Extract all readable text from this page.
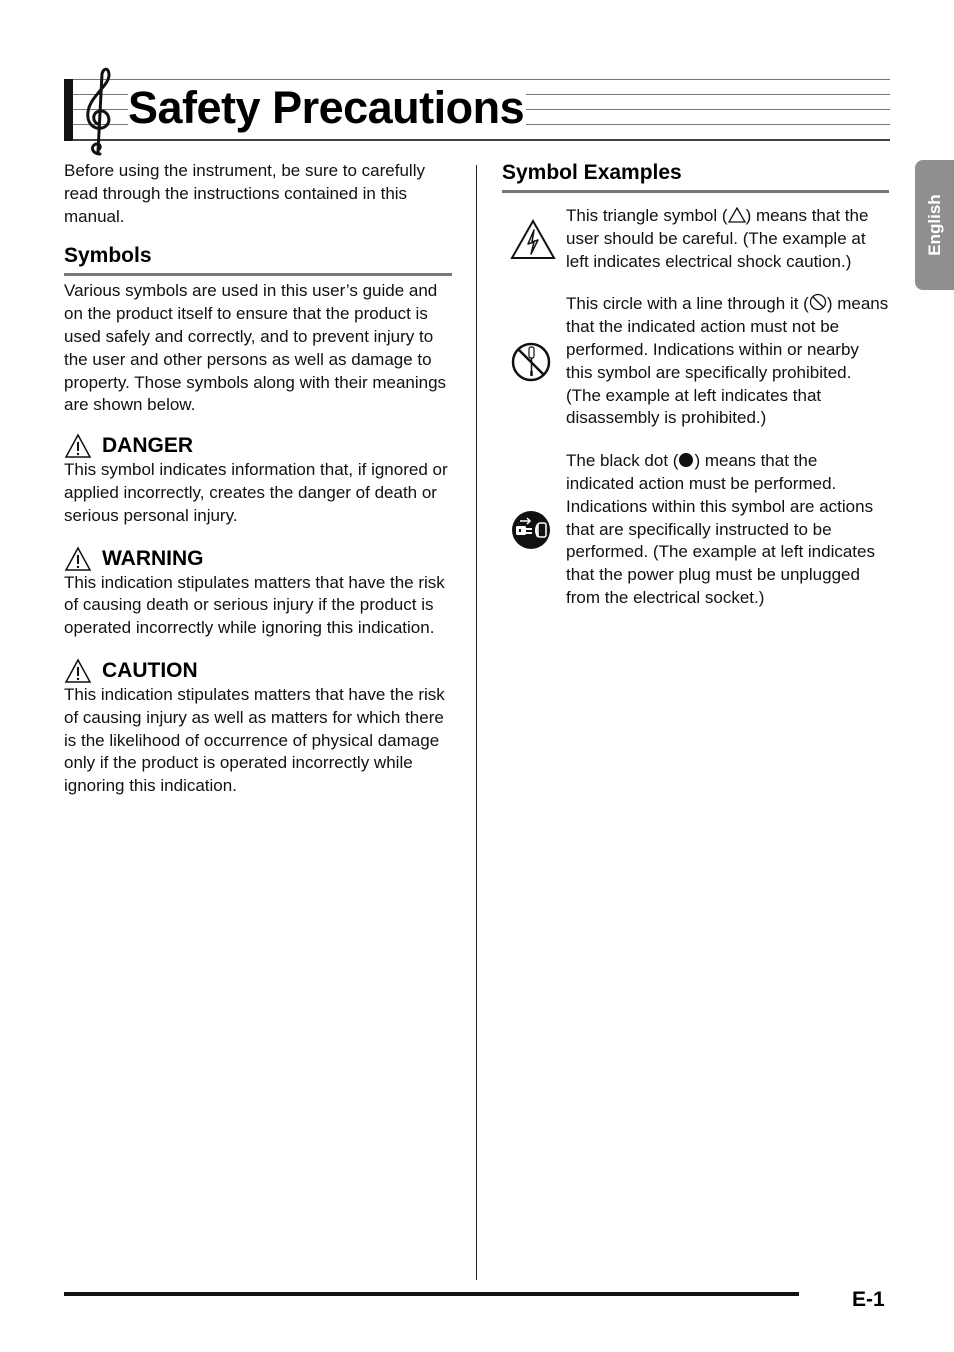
Safety Precautions

Before using the instrument, be sure to carefully read through the instructions contained in this manual.

Symbols

Various symbols are used in this user’s guide and on the product itself to ensure that the product is used safely and correctly, and to prevent injury to the user and other persons as well as damage to property. Those symbols along with their meanings are shown below.

DANGER

This symbol indicates information that, if ignored or applied incorrectly, creates the danger of death or serious personal injury.

WARNING

This indication stipulates matters that have the risk of causing death or serious injury if the product is operated incorrectly while ignoring this indication.

CAUTION

This indication stipulates matters that have the risk of causing injury as well as matters for which there is the likelihood of occurrence of physical damage only if the product is operated incorrectly while ignoring this indication.

Symbol Examples

This triangle symbol ( ) means that the user should be careful. (The example at left indicates electrical shock caution.)

This circle with a line through it ( ) means that the indicated action must not be performed. Indications within or nearby this symbol are specifically prohibited. (The example at left indicates that disassembly is prohibited.)

The black dot ( ) means that the indicated action must be performed. Indications within this symbol are actions that are specifically instructed to be performed. (The example at left indicates that the power plug must be unplugged from the electrical socket.)

English
E-1
